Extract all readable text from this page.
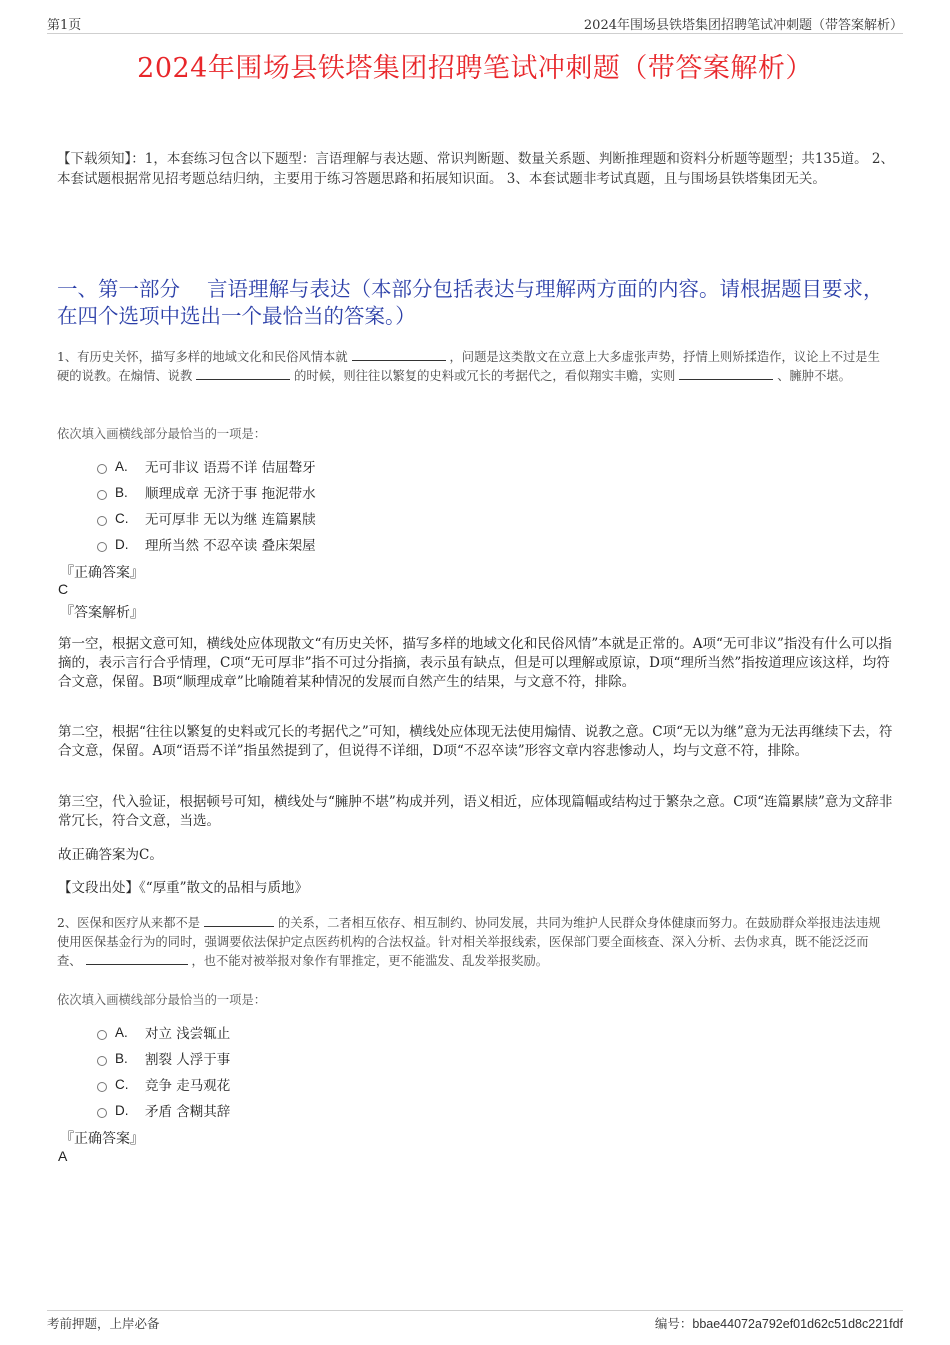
第1页	2024年围场县铁塔集团招聘笔试冲刺题（带答案解析）
2024年围场县铁塔集团招聘笔试冲刺题（带答案解析）
【下载须知】：1，本套练习包含以下题型：言语理解与表达题、常识判断题、数量关系题、判断推理题和资料分析题等题型；共135道。 2、本套试题根据常见招考题总结归纳，主要用于练习答题思路和拓展知识面。 3、本套试题非考试真题，且与围场县铁塔集团无关。
一、第一部分　 言语理解与表达（本部分包括表达与理解两方面的内容。请根据题目要求，在四个选项中选出一个最恰当的答案。）
1、有历史关怀，描写多样的地域文化和民俗风情本就	，问题是这类散文在立意上大多虚张声势，抒情上则矫揉造作，议论上不过是生硬的说教。在煽情、说教	的时候，则往往以繁复的史料或冗长的考据代之，看似翔实丰赡，实则	、臃肿不堪。
依次填入画横线部分最恰当的一项是：
A.	无可非议 语焉不详 佶屈聱牙
B.	顺理成章 无济于事 拖泥带水
C.	无可厚非 无以为继 连篇累牍
D.	理所当然 不忍卒读 叠床架屋
『正确答案』
C
『答案解析』
第一空，根据文意可知，横线处应体现散文“有历史关怀，描写多样的地域文化和民俗风情”本就是正常的。A项“无可非议”指没有什么可以指摘的，表示言行合乎情理，C项“无可厚非”指不可过分指摘，表示虽有缺点，但是可以理解或原谅，D项“理所当然”指按道理应该这样，均符合文意，保留。B项“顺理成章”比喻随着某种情况的发展而自然产生的结果，与文意不符，排除。
第二空，根据“往往以繁复的史料或冗长的考据代之”可知，横线处应体现无法使用煽情、说教之意。C项“无以为继”意为无法再继续下去，符合文意，保留。A项“语焉不详”指虽然提到了，但说得不详细，D项“不忍卒读”形容文章内容悲惨动人，均与文意不符，排除。
第三空，代入验证，根据顿号可知，横线处与“臃肿不堪”构成并列，语义相近，应体现篇幅或结构过于繁杂之意。C项“连篇累牍”意为文辞非常冗长，符合文意，当选。
故正确答案为C。
【文段出处】《“厚重”散文的品相与质地》
2、医保和医疗从来都不是	的关系，二者相互依存、相互制约、协同发展，共同为维护人民群众身体健康而努力。在鼓励群众举报违法违规使用医保基金行为的同时，强调要依法保护定点医药机构的合法权益。针对相关举报线索，医保部门要全面核查、深入分析、去伪求真，既不能泛泛而查、	，也不能对被举报对象作有罪推定，更不能滥发、乱发举报奖励。
依次填入画横线部分最恰当的一项是：
A.	对立 浅尝辄止
B.	割裂 人浮于事
C.	竞争 走马观花
D.	矛盾 含糊其辞
『正确答案』
A
考前押题，上岸必备	编号：bbae44072a792ef01d62c51d8c221fdf
